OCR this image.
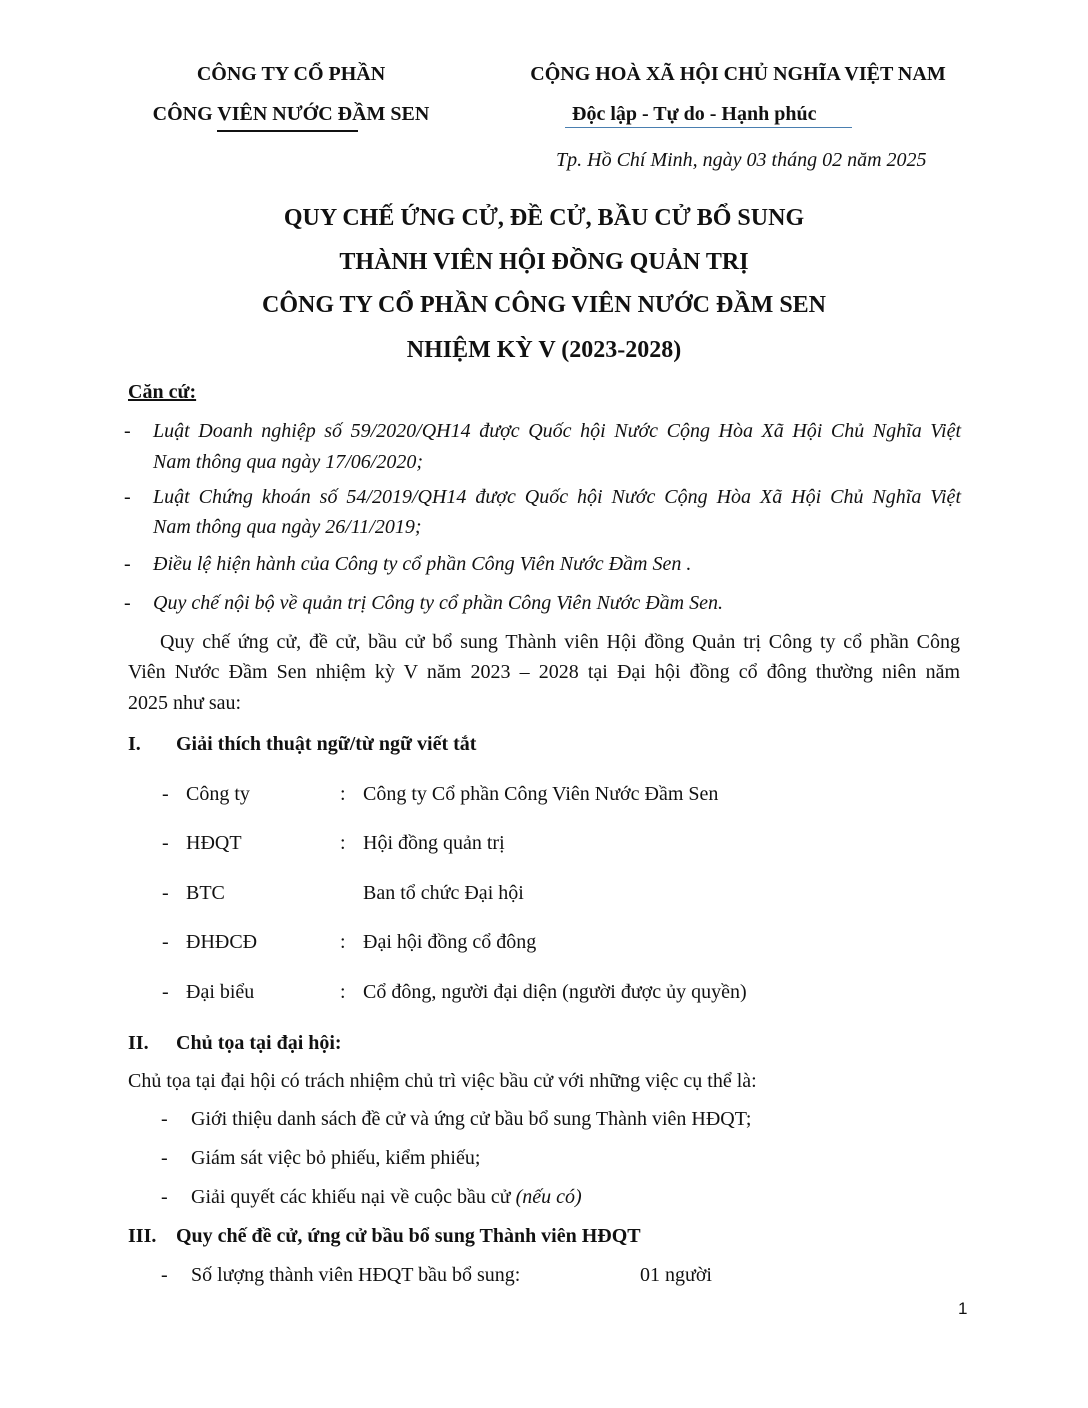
CÔNG TY CỔ PHẦN
CÔNG VIÊN NƯỚC ĐẦM SEN
CỘNG HOÀ XÃ HỘI CHỦ NGHĨA VIỆT NAM
Độc lập - Tự do - Hạnh phúc
Tp. Hồ Chí Minh, ngày 03 tháng 02 năm 2025
QUY CHẾ ỨNG CỬ, ĐỀ CỬ, BẦU CỬ BỔ SUNG
THÀNH VIÊN HỘI ĐỒNG QUẢN TRỊ
CÔNG TY CỔ PHẦN CÔNG VIÊN NƯỚC ĐẦM SEN
NHIỆM KỲ V (2023-2028)
Căn cứ:
- Luật Doanh nghiệp số 59/2020/QH14 được Quốc hội Nước Cộng Hòa Xã Hội Chủ Nghĩa Việt
Nam thông qua ngày 17/06/2020;
- Luật Chứng khoán số 54/2019/QH14 được Quốc hội Nước Cộng Hòa Xã Hội Chủ Nghĩa Việt
Nam thông qua ngày 26/11/2019;
- Điều lệ hiện hành của Công ty cổ phần Công Viên Nước Đầm Sen .
- Quy chế nội bộ về quản trị Công ty cổ phần Công Viên Nước Đầm Sen.
Quy chế ứng cử, đề cử, bầu cử bổ sung Thành viên Hội đồng Quản trị Công ty cổ phần Công
Viên Nước Đầm Sen nhiệm kỳ V năm 2023 – 2028 tại Đại hội đồng cổ đông thường niên năm
2025 như sau:
I. Giải thích thuật ngữ/từ ngữ viết tắt
- Công ty	: Công ty Cổ phần Công Viên Nước Đầm Sen
- HĐQT	: Hội đồng quản trị
- BTC	Ban tổ chức Đại hội
- ĐHĐCĐ	: Đại hội đồng cổ đông
- Đại biểu	: Cổ đông, người đại diện (người được ủy quyền)
II. Chủ tọa tại đại hội:
Chủ tọa tại đại hội có trách nhiệm chủ trì việc bầu cử với những việc cụ thể là:
- Giới thiệu danh sách đề cử và ứng cử bầu bổ sung Thành viên HĐQT;
- Giám sát việc bỏ phiếu, kiểm phiếu;
- Giải quyết các khiếu nại về cuộc bầu cử (nếu có)
III. Quy chế đề cử, ứng cử bầu bổ sung Thành viên HĐQT
- Số lượng thành viên HĐQT bầu bổ sung:	01 người
1
